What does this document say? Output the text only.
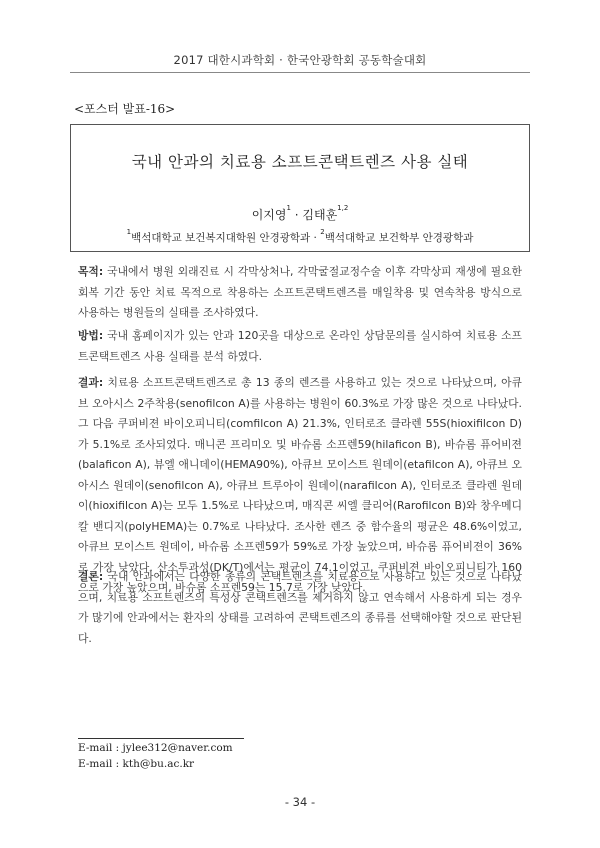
2017 대한시과학회 · 한국안광학회 공동학술대회
<포스터 발표-16>
국내 안과의 치료용 소프트콘택트렌즈 사용 실태
이지영$^1$ · 김태훈$^{1,2}$
$^1$백석대학교 보건복지대학원 안경광학과 · $^2$백석대학교 보건학부 안경광학과
목적: 국내에서 병원 외래진료 시 각막상처나, 각막굴절교정수술 이후 각막상피 재생에 필요한 회복 기간 동안 치료 목적으로 착용하는 소프트콘택트렌즈를 매일착용 및 연속착용 방식으로 사용하는 병원들의 실태를 조사하였다.
방법: 국내 홈페이지가 있는 안과 120곳을 대상으로 온라인 상담문의를 실시하여 치료용 소프트콘택트렌즈 사용 실태를 분석 하였다.
결과: 치료용 소프트콘택트렌즈로 총 13 종의 렌즈를 사용하고 있는 것으로 나타났으며, 아큐브 오아시스 2주착용(senofilcon A)를 사용하는 병원이 60.3%로 가장 많은 것으로 나타났다. 그 다음 쿠퍼비젼 바이오피니티(comfilcon A) 21.3%, 인터로조 클라렌 55S(hioxifilcon D)가 5.1%로 조사되었다. 매니콘 프리미오 및 바슈롬 소프렌59(hilaficon B), 바슈롬 퓨어비젼(balaficon A), 뷰엘 애니데이(HEMA90%), 아큐브 모이스트 원데이(etafilcon A), 아큐브 오아시스 원데이(senofilcon A), 아큐브 트루아이 원데이(narafilcon A), 인터로조 클라렌 원데이(hioxifilcon A)는 모두 1.5%로 나타났으며, 매직콘 씨엘 클리어(Rarofilcon B)와 창우메디칼 밴디지(polyHEMA)는 0.7%로 나타났다. 조사한 렌즈 중 함수율의 평균은 48.6%이었고, 아큐브 모이스트 원데이, 바슈롬 소프렌59가 59%로 가장 높았으며, 바슈롬 퓨어비젼이 36%로 가장 낮았다. 산소투과성(DK/T)에서는 평균이 74.1이었고, 쿠퍼비젼 바이오피니티가 160으로 가장 높았으며, 바슈롬 소프렌59는 15.7로 가장 낮았다.
결론: 국내 안과에서는 다양한 종류의 콘택트렌즈를 치료용으로 사용하고 있는 것으로 나타났으며, 치료용 소프트렌즈의 특성상 콘택트렌즈를 제거하지 않고 연속해서 사용하게 되는 경우가 많기에 안과에서는 환자의 상태를 고려하여 콘택트렌즈의 종류를 선택해야할 것으로 판단된다.
E-mail : jylee312@naver.com
E-mail : kth@bu.ac.kr
- 34 -
